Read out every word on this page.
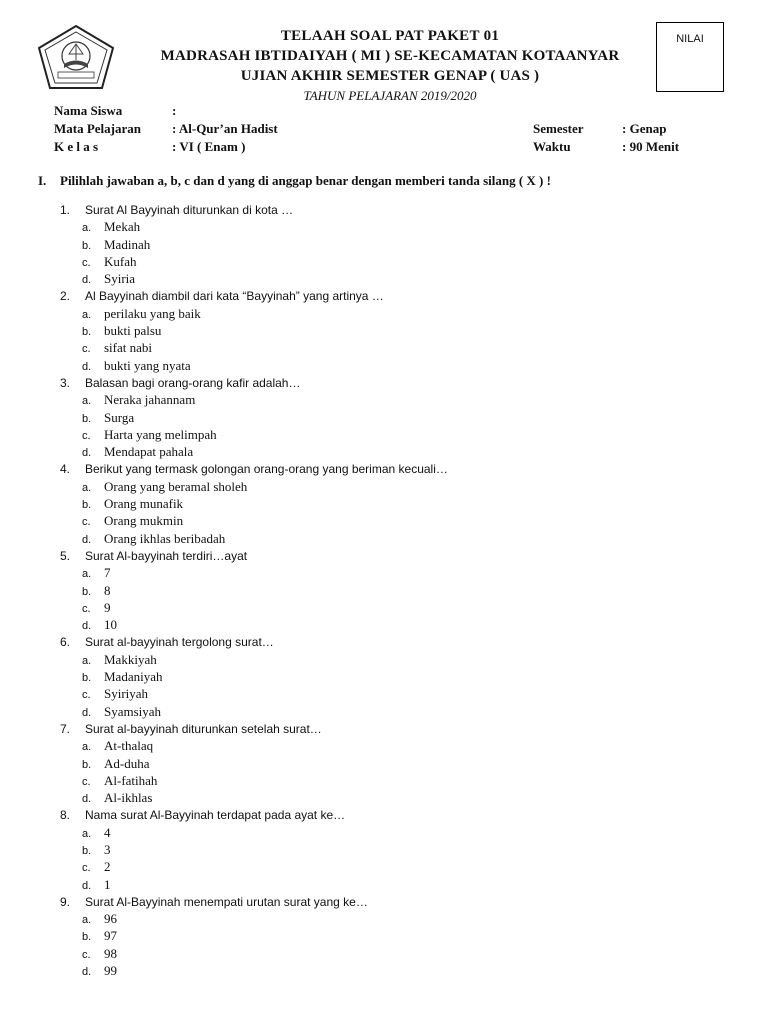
TELAAH SOAL PAT PAKET 01
MADRASAH IBTIDAIYAH ( MI ) SE-KECAMATAN KOTAANYAR
UJIAN AKHIR SEMESTER GENAP ( UAS )
TAHUN PELAJARAN 2019/2020
NILAI
Nama Siswa	:
Mata Pelajaran : Al-Qur’an Hadist	Semester	: Genap
K e l a s	: VI ( Enam )	Waktu	: 90 Menit
I. Pilihlah jawaban a, b, c dan d yang di anggap benar dengan memberi tanda silang ( X ) !
1. Surat Al Bayyinah diturunkan di kota …
a. Mekah
b. Madinah
c. Kufah
d. Syiria
2. Al Bayyinah diambil dari kata “Bayyinah” yang artinya …
a. perilaku yang baik
b. bukti palsu
c. sifat nabi
d. bukti yang nyata
3. Balasan bagi orang-orang kafir adalah…
a. Neraka jahannam
b. Surga
c. Harta yang melimpah
d. Mendapat pahala
4. Berikut yang termask golongan orang-orang yang beriman kecuali…
a. Orang yang beramal sholeh
b. Orang munafik
c. Orang mukmin
d. Orang ikhlas beribadah
5. Surat Al-bayyinah terdiri…ayat
a. 7
b. 8
c. 9
d. 10
6. Surat al-bayyinah tergolong surat…
a. Makkiyah
b. Madaniyah
c. Syiriyah
d. Syamsiyah
7. Surat al-bayyinah diturunkan setelah surat…
a. At-thalaq
b. Ad-duha
c. Al-fatihah
d. Al-ikhlas
8. Nama surat Al-Bayyinah terdapat pada ayat ke…
a. 4
b. 3
c. 2
d. 1
9. Surat Al-Bayyinah menempati urutan surat yang ke…
a. 96
b. 97
c. 98
d. 99
